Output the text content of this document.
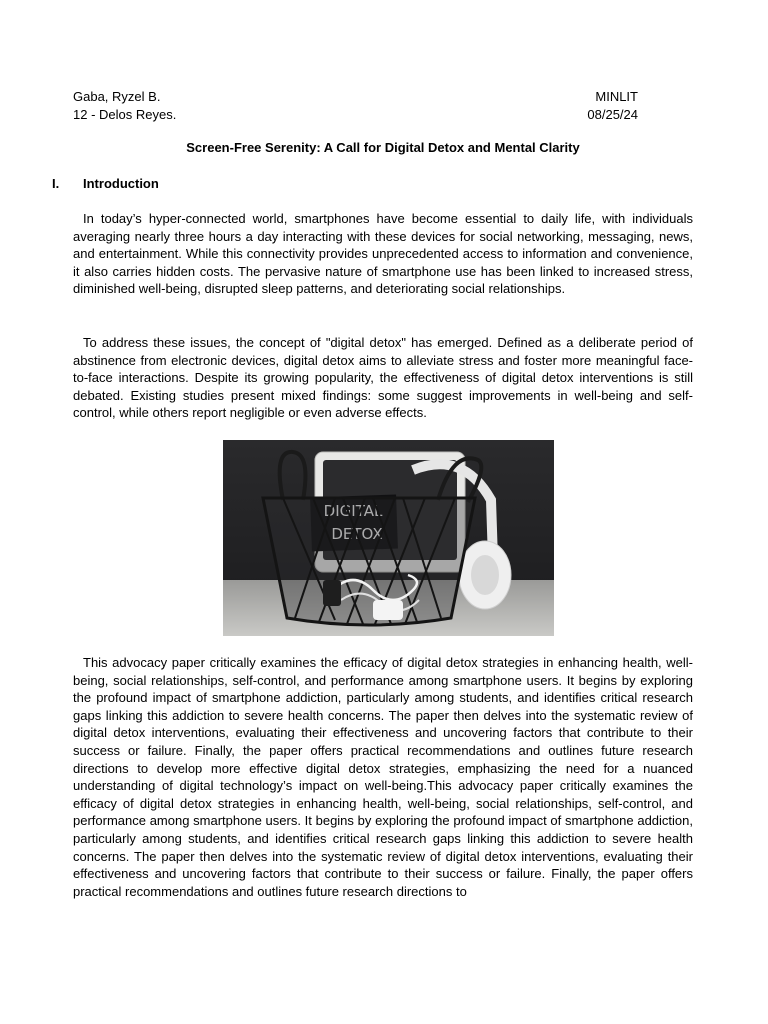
Gaba, Ryzel B.
12 - Delos Reyes.
MINLIT
08/25/24
Screen-Free Serenity: A Call for Digital Detox and Mental Clarity
I. Introduction

In today’s hyper-connected world, smartphones have become essential to daily life, with individuals averaging nearly three hours a day interacting with these devices for social networking, messaging, news, and entertainment. While this connectivity provides unprecedented access to information and convenience, it also carries hidden costs. The pervasive nature of smartphone use has been linked to increased stress, diminished well-being, disrupted sleep patterns, and deteriorating social relationships.

To address these issues, the concept of "digital detox" has emerged. Defined as a deliberate period of abstinence from electronic devices, digital detox aims to alleviate stress and foster more meaningful face-to-face interactions. Despite its growing popularity, the effectiveness of digital detox interventions is still debated. Existing studies present mixed findings: some suggest improvements in well-being and self-control, while others report negligible or even adverse effects.

DIGITAL
DETOX

This advocacy paper critically examines the efficacy of digital detox strategies in enhancing health, well-being, social relationships, self-control, and performance among smartphone users. It begins by exploring the profound impact of smartphone addiction, particularly among students, and identifies critical research gaps linking this addiction to severe health concerns. The paper then delves into the systematic review of digital detox interventions, evaluating their effectiveness and uncovering factors that contribute to their success or failure. Finally, the paper offers practical recommendations and outlines future research directions to develop more effective digital detox strategies, emphasizing the need for a nuanced understanding of digital technology’s impact on well-being.This advocacy paper critically examines the efficacy of digital detox strategies in enhancing health, well-being, social relationships, self-control, and performance among smartphone users. It begins by exploring the profound impact of smartphone addiction, particularly among students, and identifies critical research gaps linking this addiction to severe health concerns. The paper then delves into the systematic review of digital detox interventions, evaluating their effectiveness and uncovering factors that contribute to their success or failure. Finally, the paper offers practical recommendations and outlines future research directions to
